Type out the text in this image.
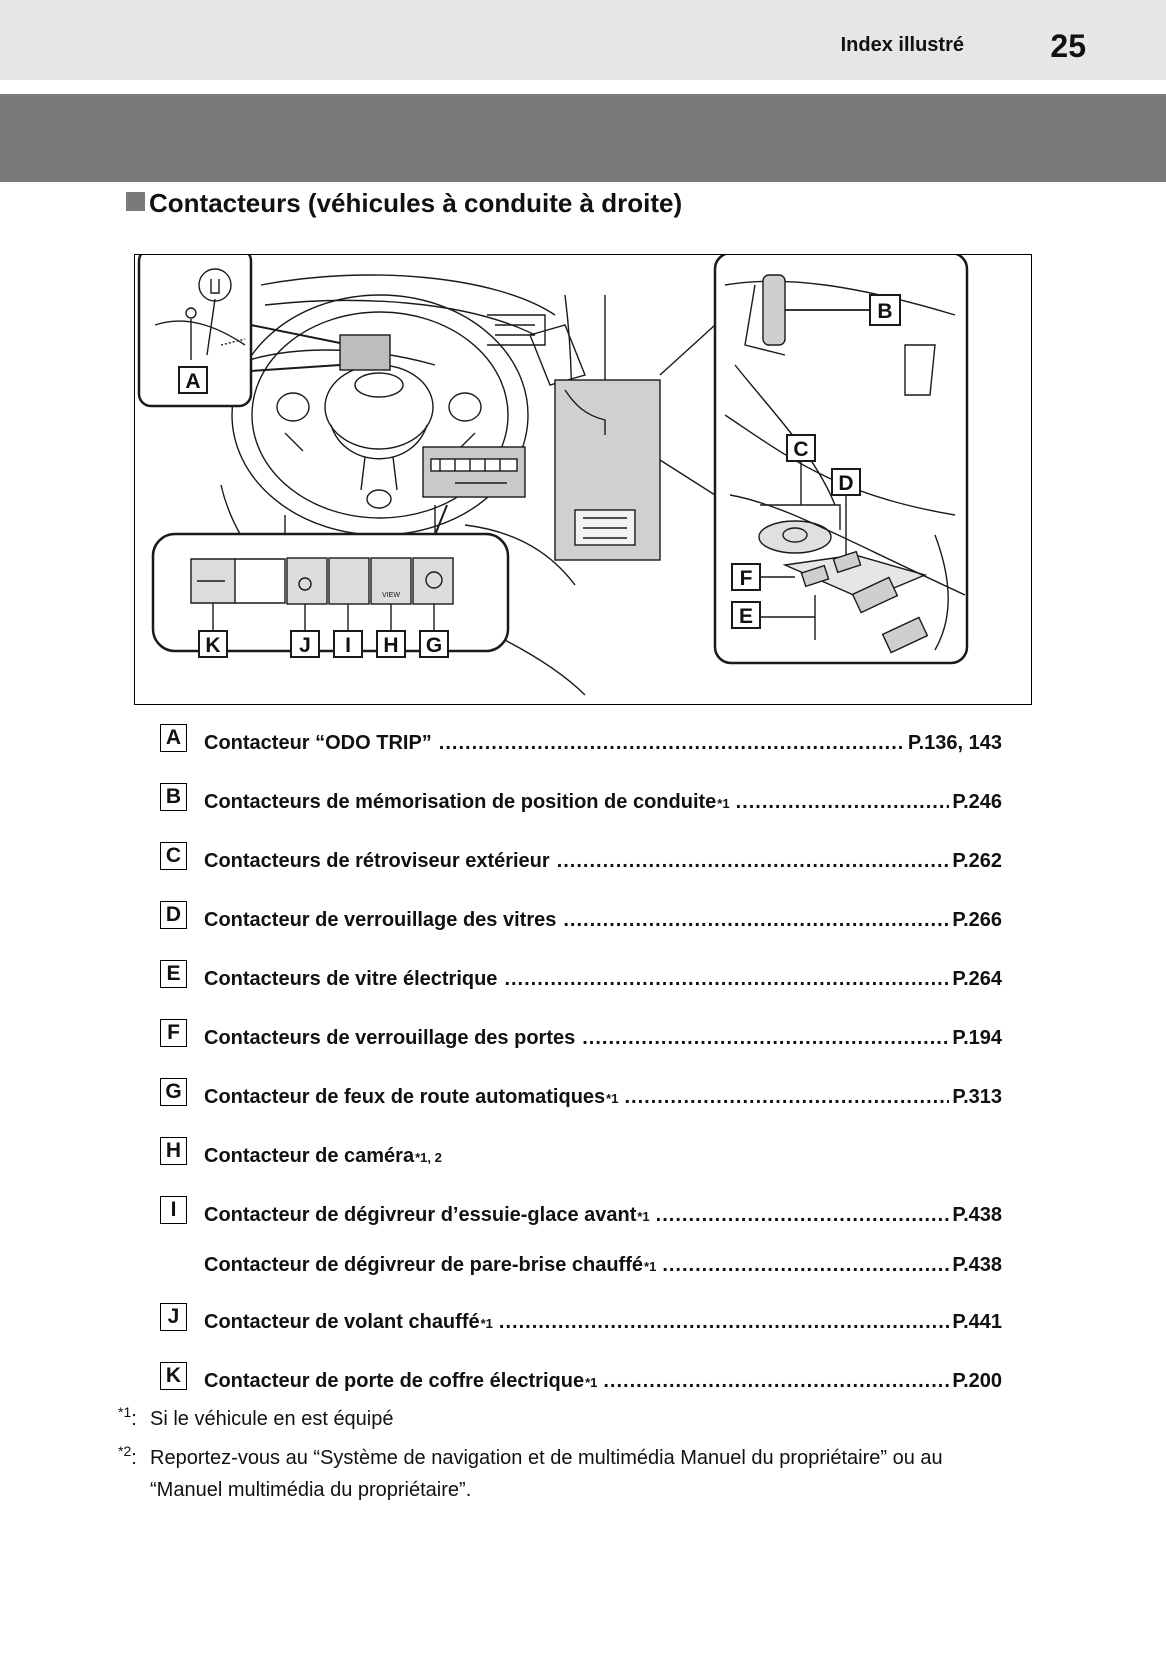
Index illustré	25
Contacteurs (véhicules à conduite à droite)
A
VIEW
K	J I H G
B
C
D
F
E
A Contacteur “ODO TRIP” .....	P.136, 143
B Contacteurs de mémorisation de position de conduite *1 .....	P.246
C Contacteurs de rétroviseur extérieur .....	P.262
D Contacteur de verrouillage des vitres .....	P.266
E	Contacteurs de vitre électrique .....	P.264
F	Contacteurs de verrouillage des portes .....	P.194
G Contacteur de feux de route automatiques *1 .....	P.313
H Contacteur de caméra *1, 2
I	Contacteur de dégivreur d’essuie-glace avant *1 .....	P.438
Contacteur de dégivreur de pare-brise chauffé *1 .....	P.438
J	Contacteur de volant chauffé *1 .....	P.441
K Contacteur de porte de coffre électrique *1 .....	P.200
$^{*1}$: Si le véhicule en est équipé
$^{*2}$: Reportez-vous au “Système de navigation et de multimédia Manuel du propriétaire” ou au
“Manuel multimédia du propriétaire”.
